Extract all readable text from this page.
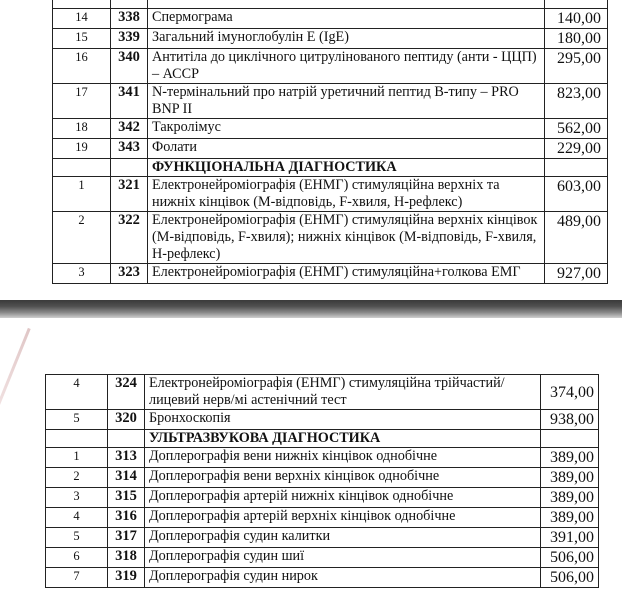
14	338	Спермограма	140,00
15	339	Загальний імуноглобулін Е (IgE)	180,00
16	340	Антитіла до циклічного цитрулінованого пептиду (анти - ЦЦП) – АССР	295,00
17	341	N-термінальний про натрій уретичний пептид В-типу – PRO BNP II	823,00
18	342	Такролімус	562,00
19	343	Фолати	229,00
		ФУНКЦІОНАЛЬНА ДІАГНОСТИКА	
1	321	Електронейроміографія (ЕНМГ) стимуляційна верхніх та нижніх кінцівок (М-відповідь, F-хвиля, Н-рефлекс)	603,00
2	322	Електронейроміографія (ЕНМГ) стимуляційна верхніх кінцівок (М-відповідь, F-хвиля); нижніх кінцівок (М-відповідь, F-хвиля, Н-рефлекс)	489,00
3	323	Електронейроміографія (ЕНМГ) стимуляційна+голкова ЕМГ	927,00
4	324	Електронейроміографія (ЕНМГ) стимуляційна трійчастий/лицевий нерв/мі астенічний тест	374,00
5	320	Бронхоскопія	938,00
		УЛЬТРАЗВУКОВА ДІАГНОСТИКА	
1	313	Доплерографія вени нижніх кінцівок однобічне	389,00
2	314	Доплерографія вени верхніх кінцівок однобічне	389,00
3	315	Доплерографія артерій нижніх кінцівок однобічне	389,00
4	316	Доплерографія артерій верхніх кінцівок однобічне	389,00
5	317	Доплерографія судин калитки	391,00
6	318	Доплерографія судин шиї	506,00
7	319	Доплерографія судин нирок	506,00
